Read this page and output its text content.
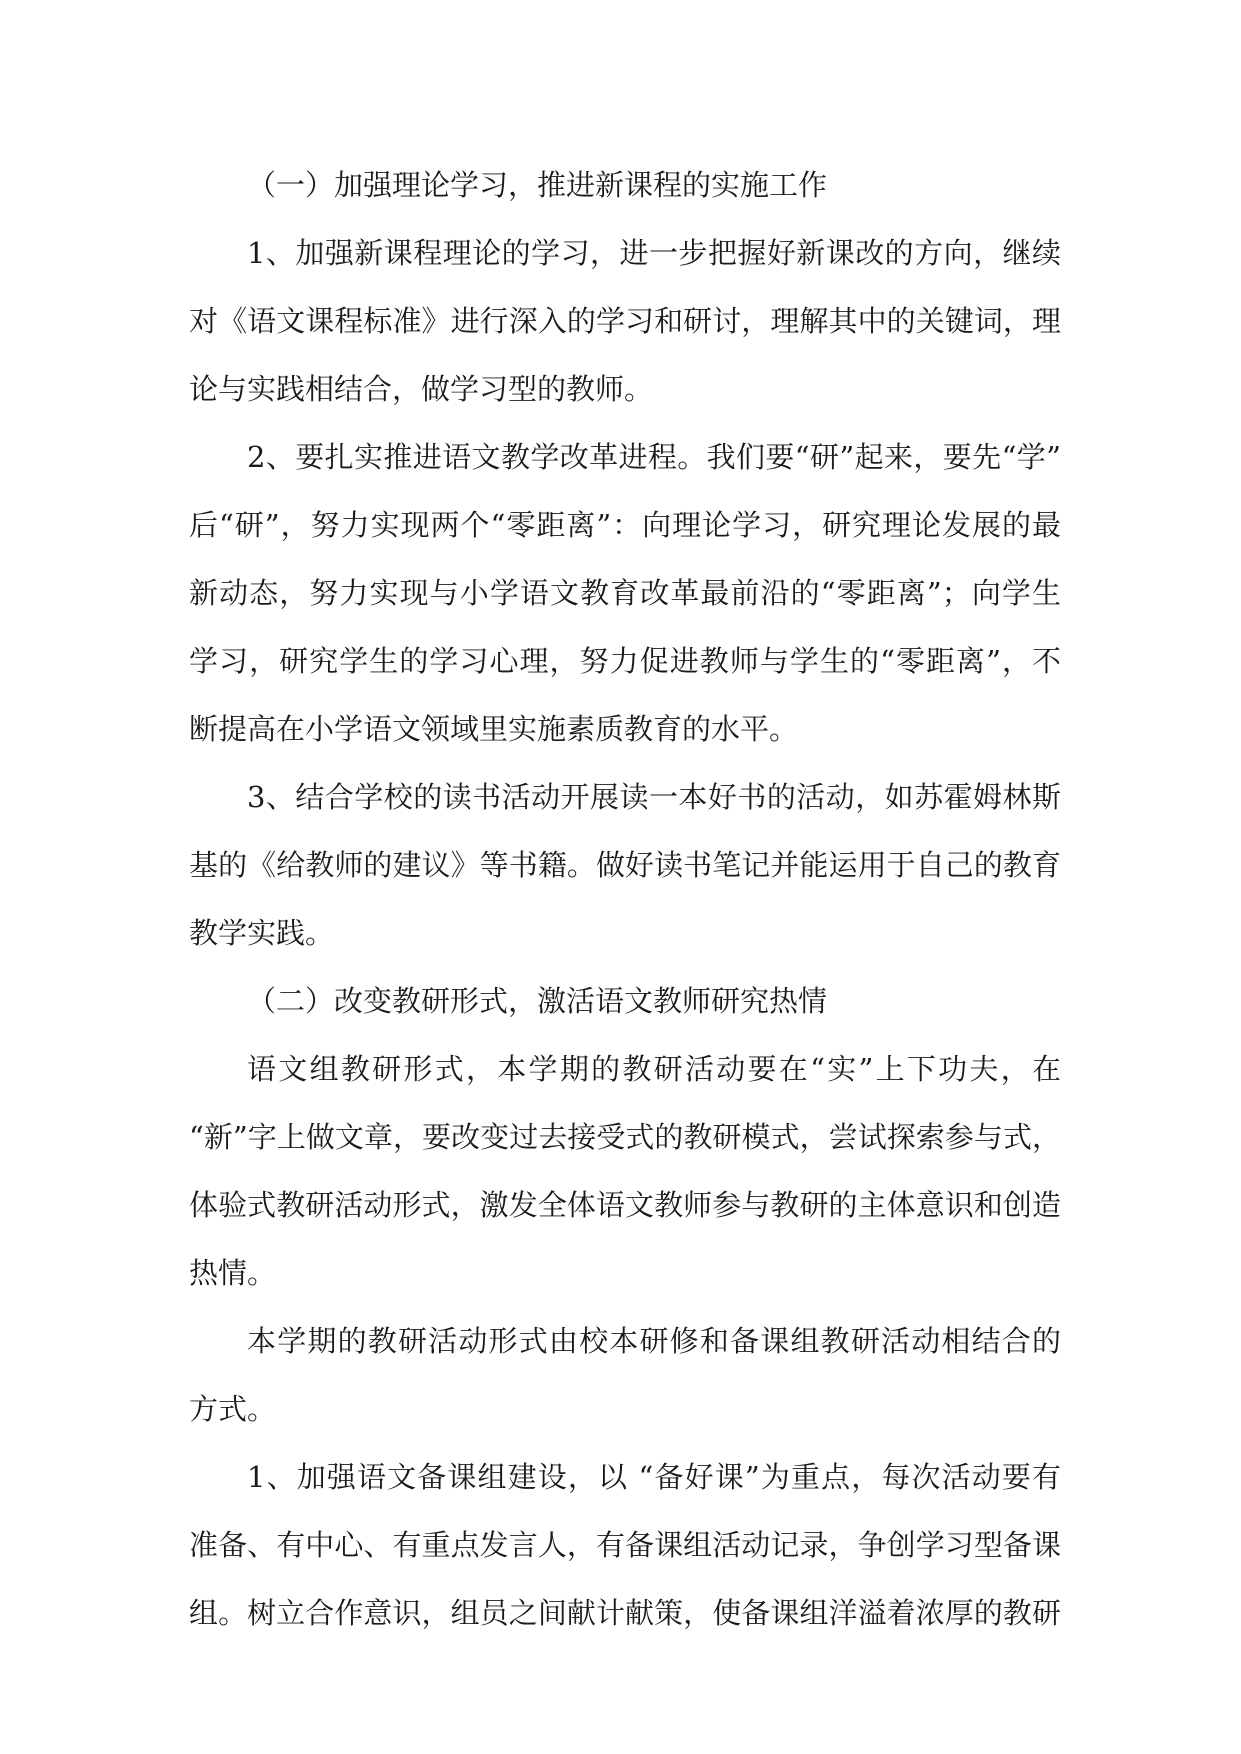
（一）加强理论学习，推进新课程的实施工作
1、加强新课程理论的学习，进一步把握好新课改的方向，继续
对《语文课程标准》进行深入的学习和研讨，理解其中的关键词，理
论与实践相结合，做学习型的教师。
2、要扎实推进语文教学改革进程。我们要“研”起来，要先“学”
后“研”，努力实现两个“零距离”：向理论学习，研究理论发展的最
新动态，努力实现与小学语文教育改革最前沿的“零距离”；向学生
学习，研究学生的学习心理，努力促进教师与学生的“零距离”，不
断提高在小学语文领域里实施素质教育的水平。
3、结合学校的读书活动开展读一本好书的活动，如苏霍姆林斯
基的《给教师的建议》等书籍。做好读书笔记并能运用于自己的教育
教学实践。
（二）改变教研形式，激活语文教师研究热情
语文组教研形式，本学期的教研活动要在“实”上下功夫，在
“新”字上做文章，要改变过去接受式的教研模式，尝试探索参与式，
体验式教研活动形式，激发全体语文教师参与教研的主体意识和创造
热情。
本学期的教研活动形式由校本研修和备课组教研活动相结合的
方式。
1、加强语文备课组建设，以 “备好课”为重点，每次活动要有
准备、有中心、有重点发言人，有备课组活动记录，争创学习型备课
组。树立合作意识，组员之间献计献策，使备课组洋溢着浓厚的教研
